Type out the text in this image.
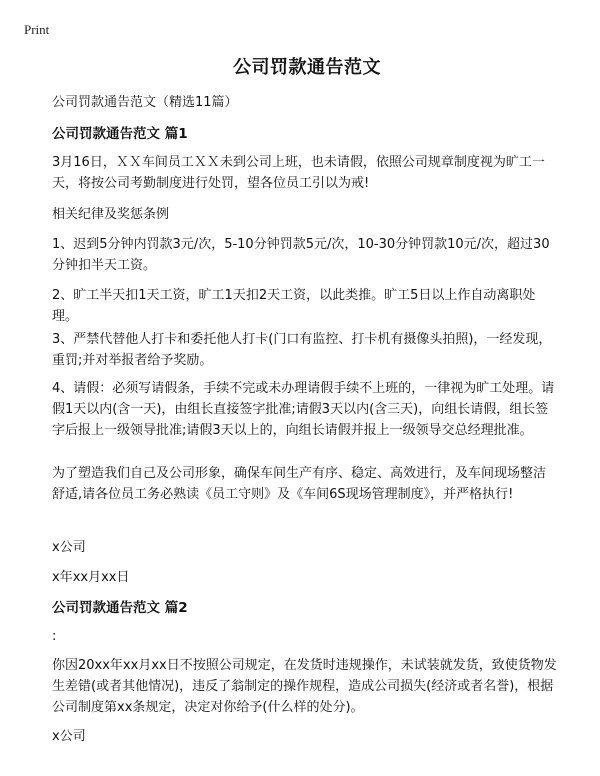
Print
公司罚款通告范文

公司罚款通告范文（精选11篇）

公司罚款通告范文 篇1

3月16日，ＸＸ车间员工ＸＸ未到公司上班，也未请假，依照公司规章制度视为旷工一天，将按公司考勤制度进行处罚，望各位员工引以为戒!

相关纪律及奖惩条例

1、迟到5分钟内罚款3元/次，5-10分钟罚款5元/次，10-30分钟罚款10元/次，超过30分钟扣半天工资。

2、旷工半天扣1天工资，旷工1天扣2天工资，以此类推。旷工5日以上作自动离职处理。

3、严禁代替他人打卡和委托他人打卡(门口有监控、打卡机有摄像头拍照)，一经发现，重罚;并对举报者给予奖励。

4、请假：必须写请假条，手续不完或未办理请假手续不上班的，一律视为旷工处理。请假1天以内(含一天)，由组长直接签字批准;请假3天以内(含三天)，向组长请假，组长签字后报上一级领导批准;请假3天以上的，向组长请假并报上一级领导交总经理批准。

为了塑造我们自己及公司形象，确保车间生产有序、稳定、高效进行，及车间现场整洁舒适,请各位员工务必熟读《员工守则》及《车间6S现场管理制度》，并严格执行!

x公司

x年xx月xx日

公司罚款通告范文 篇2

:

你因20xx年xx月xx日不按照公司规定，在发货时违规操作，未试装就发货，致使货物发生差错(或者其他情况)，违反了翁制定的操作规程，造成公司损失(经济或者名誉)，根据公司制度第xx条规定，决定对你给予(什么样的处分)。

x公司
